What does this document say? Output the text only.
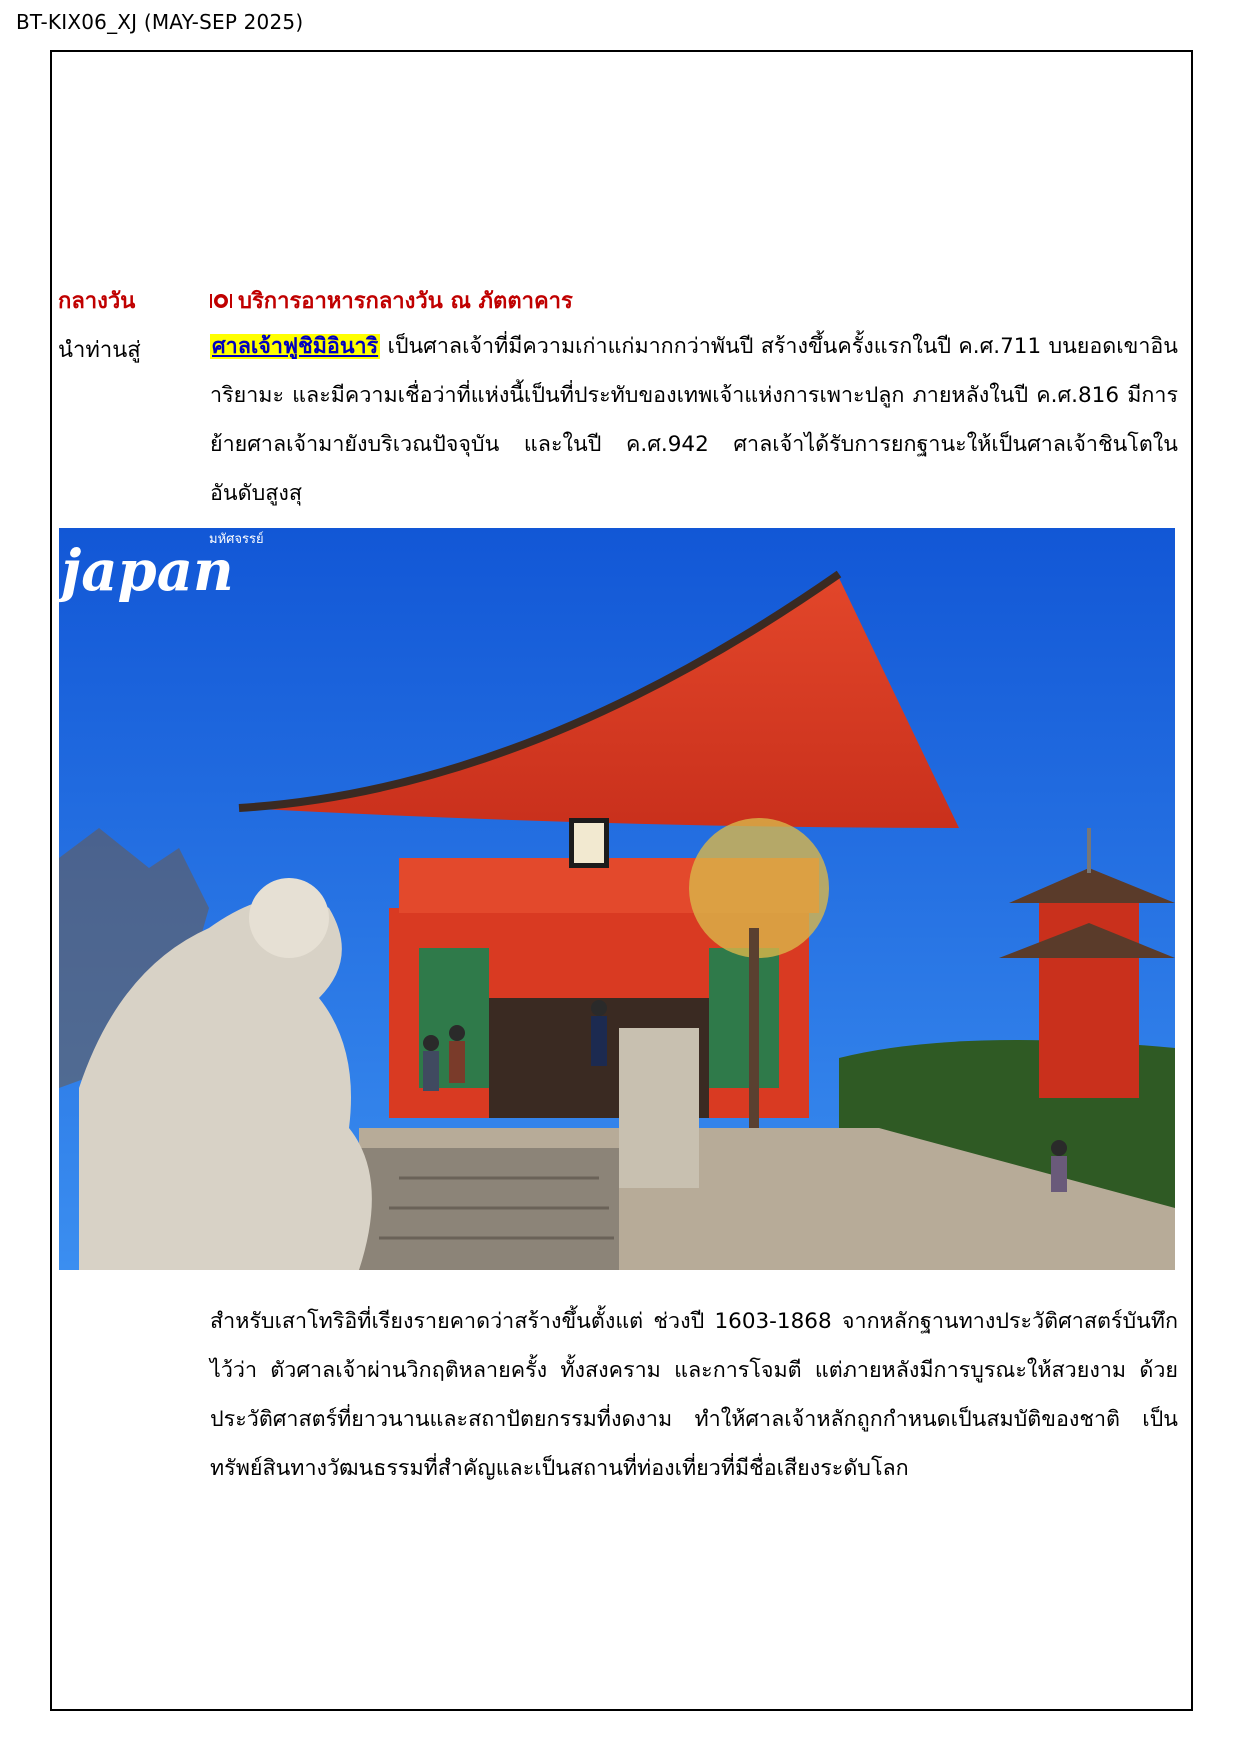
BT-KIX06_XJ (MAY-SEP 2025)
กลางวัน	บริการอาหารกลางวัน ณ ภัตตาคาร
นำท่านสู่	ศาลเจ้าฟูชิมิอินาริ เป็นศาลเจ้าที่มีความเก่าแก่มากกว่าพันปี สร้างขึ้นครั้งแรกในปี ค.ศ.711 บนยอดเขาอินาริยามะ และมีความเชื่อว่าที่แห่งนี้เป็นที่ประทับของเทพเจ้าแห่งการเพาะปลูก ภายหลังในปี ค.ศ.816 มีการย้ายศาลเจ้ามายังบริเวณปัจจุบัน และในปี ค.ศ.942 ศาลเจ้าได้รับการยกฐานะให้เป็นศาลเจ้าชินโตในอันดับสูงสุ
มหัศจรรย์
japan
สำหรับเสาโทริอิที่เรียงรายคาดว่าสร้างขึ้นตั้งแต่ ช่วงปี 1603-1868 จากหลักฐานทางประวัติศาสตร์บันทึกไว้ว่า ตัวศาลเจ้าผ่านวิกฤติหลายครั้ง ทั้งสงคราม และการโจมตี แต่ภายหลังมีการบูรณะให้สวยงาม ด้วยประวัติศาสตร์ที่ยาวนานและสถาปัตยกรรมที่งดงาม ทำให้ศาลเจ้าหลักถูกกำหนดเป็นสมบัติของชาติ เป็นทรัพย์สินทางวัฒนธรรมที่สำคัญและเป็นสถานที่ท่องเที่ยวที่มีชื่อเสียงระดับโลก
